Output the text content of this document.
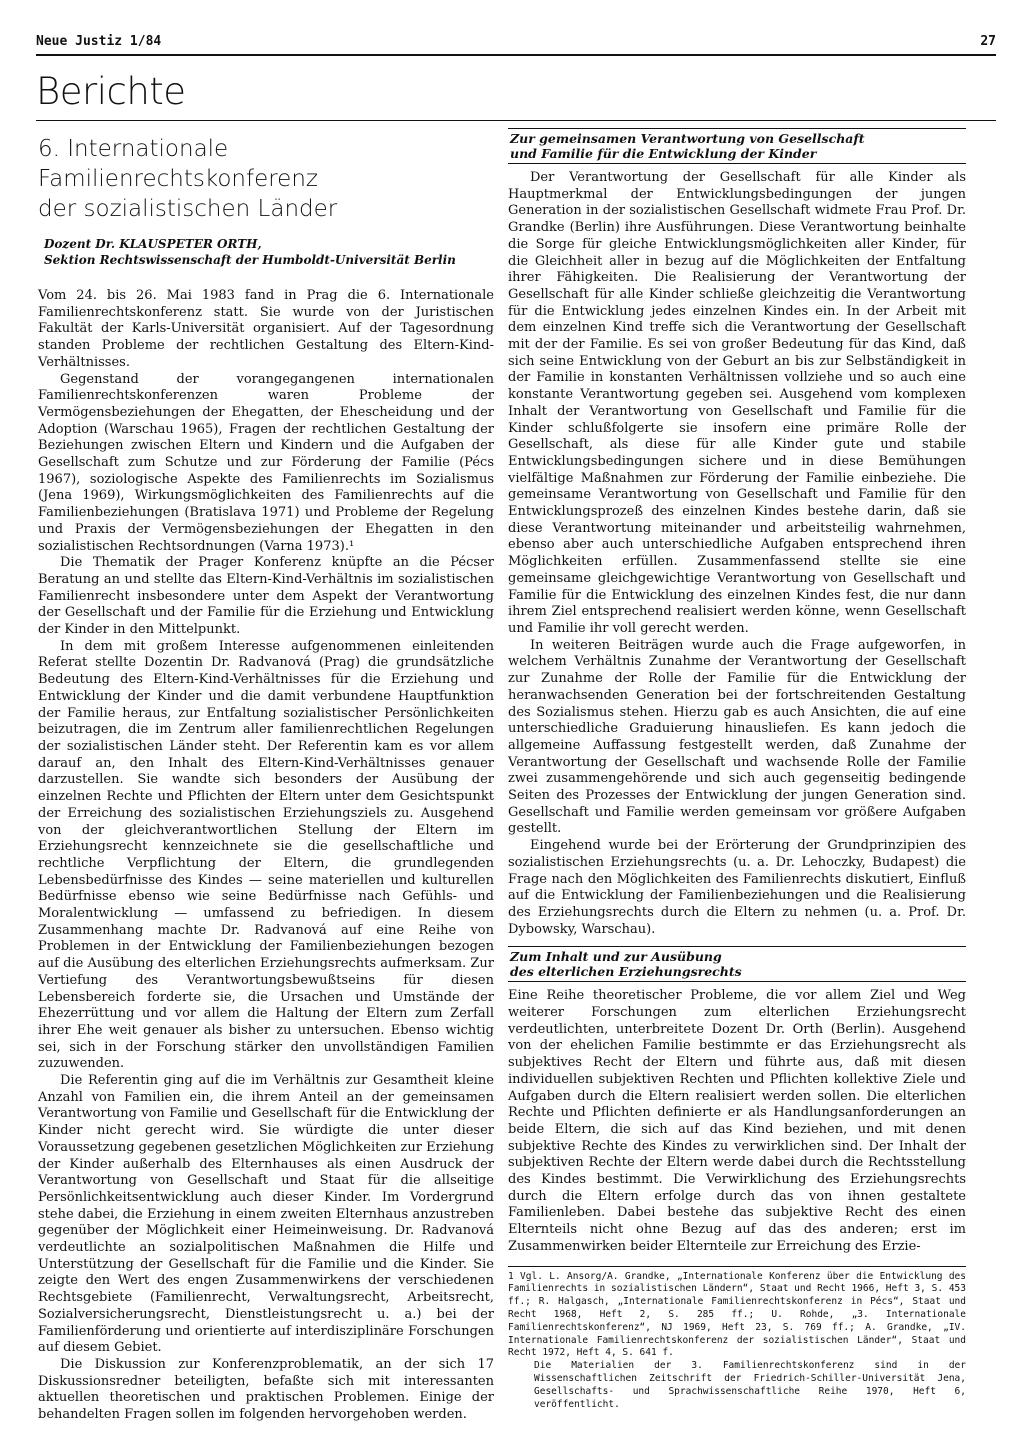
Neue Justiz 1/84	27
Berichte
6. Internationale Familienrechtskonferenz
der sozialistischen Länder
Dozent Dr. KLAUSPETER ORTH,
Sektion Rechtswissenschaft der Humboldt-Universität Berlin

Vom 24. bis 26. Mai 1983 fand in Prag die 6. Internationale Familienrechtskonferenz statt. Sie wurde von der Juristischen Fakultät der Karls-Universität organisiert. Auf der Tagesordnung standen Probleme der rechtlichen Gestaltung des Eltern-Kind-Verhältnisses.

Gegenstand der vorangegangenen internationalen Familienrechtskonferenzen waren Probleme der Vermögensbeziehungen der Ehegatten, der Ehescheidung und der Adoption (Warschau 1965), Fragen der rechtlichen Gestaltung der Beziehungen zwischen Eltern und Kindern und die Aufgaben der Gesellschaft zum Schutze und zur Förderung der Familie (Pécs 1967), soziologische Aspekte des Familienrechts im Sozialismus (Jena 1969), Wirkungsmöglichkeiten des Familienrechts auf die Familienbeziehungen (Bratislava 1971) und Probleme der Regelung und Praxis der Vermögensbeziehungen der Ehegatten in den sozialistischen Rechtsordnungen (Varna 1973).¹

Die Thematik der Prager Konferenz knüpfte an die Pécser Beratung an und stellte das Eltern-Kind-Verhältnis im sozialistischen Familienrecht insbesondere unter dem Aspekt der Verantwortung der Gesellschaft und der Familie für die Erziehung und Entwicklung der Kinder in den Mittelpunkt.

In dem mit großem Interesse aufgenommenen einleitenden Referat stellte Dozentin Dr. Radvanová (Prag) die grundsätzliche Bedeutung des Eltern-Kind-Verhältnisses für die Erziehung und Entwicklung der Kinder und die damit verbundene Hauptfunktion der Familie heraus, zur Entfaltung sozialistischer Persönlichkeiten beizutragen, die im Zentrum aller familienrechtlichen Regelungen der sozialistischen Länder steht. Der Referentin kam es vor allem darauf an, den Inhalt des Eltern-Kind-Verhältnisses genauer darzustellen. Sie wandte sich besonders der Ausübung der einzelnen Rechte und Pflichten der Eltern unter dem Gesichtspunkt der Erreichung des sozialistischen Erziehungsziels zu. Ausgehend von der gleichverantwortlichen Stellung der Eltern im Erziehungsrecht kennzeichnete sie die gesellschaftliche und rechtliche Verpflichtung der Eltern, die grundlegenden Lebensbedürfnisse des Kindes — seine materiellen und kulturellen Bedürfnisse ebenso wie seine Bedürfnisse nach Gefühls- und Moralentwicklung — umfassend zu befriedigen. In diesem Zusammenhang machte Dr. Radvanová auf eine Reihe von Problemen in der Entwicklung der Familienbeziehungen bezogen auf die Ausübung des elterlichen Erziehungsrechts aufmerksam. Zur Vertiefung des Verantwortungsbewußtseins für diesen Lebensbereich forderte sie, die Ursachen und Umstände der Ehezerrüttung und vor allem die Haltung der Eltern zum Zerfall ihrer Ehe weit genauer als bisher zu untersuchen. Ebenso wichtig sei, sich in der Forschung stärker den unvollständigen Familien zuzuwenden.

Die Referentin ging auf die im Verhältnis zur Gesamtheit kleine Anzahl von Familien ein, die ihrem Anteil an der gemeinsamen Verantwortung von Familie und Gesellschaft für die Entwicklung der Kinder nicht gerecht wird. Sie würdigte die unter dieser Voraussetzung gegebenen gesetzlichen Möglichkeiten zur Erziehung der Kinder außerhalb des Elternhauses als einen Ausdruck der Verantwortung von Gesellschaft und Staat für die allseitige Persönlichkeitsentwicklung auch dieser Kinder. Im Vordergrund stehe dabei, die Erziehung in einem zweiten Elternhaus anzustreben gegenüber der Möglichkeit einer Heimeinweisung. Dr. Radvanová verdeutlichte an sozialpolitischen Maßnahmen die Hilfe und Unterstützung der Gesellschaft für die Familie und die Kinder. Sie zeigte den Wert des engen Zusammenwirkens der verschiedenen Rechtsgebiete (Familienrecht, Verwaltungsrecht, Arbeitsrecht, Sozialversicherungsrecht, Dienstleistungsrecht u. a.) bei der Familienförderung und orientierte auf interdisziplinäre Forschungen auf diesem Gebiet.

Die Diskussion zur Konferenzproblematik, an der sich 17 Diskussionsredner beteiligten, befaßte sich mit interessanten aktuellen theoretischen und praktischen Problemen. Einige der behandelten Fragen sollen im folgenden hervorgehoben werden.

Zur gemeinsamen Verantwortung von Gesellschaft
und Familie für die Entwicklung der Kinder

Der Verantwortung der Gesellschaft für alle Kinder als Hauptmerkmal der Entwicklungsbedingungen der jungen Generation in der sozialistischen Gesellschaft widmete Frau Prof. Dr. Grandke (Berlin) ihre Ausführungen. Diese Verantwortung beinhalte die Sorge für gleiche Entwicklungsmöglichkeiten aller Kinder, für die Gleichheit aller in bezug auf die Möglichkeiten der Entfaltung ihrer Fähigkeiten. Die Realisierung der Verantwortung der Gesellschaft für alle Kinder schließe gleichzeitig die Verantwortung für die Entwicklung jedes einzelnen Kindes ein. In der Arbeit mit dem einzelnen Kind treffe sich die Verantwortung der Gesellschaft mit der der Familie. Es sei von großer Bedeutung für das Kind, daß sich seine Entwicklung von der Geburt an bis zur Selbständigkeit in der Familie in konstanten Verhältnissen vollziehe und so auch eine konstante Verantwortung gegeben sei. Ausgehend vom komplexen Inhalt der Verantwortung von Gesellschaft und Familie für die Kinder schlußfolgerte sie insofern eine primäre Rolle der Gesellschaft, als diese für alle Kinder gute und stabile Entwicklungsbedingungen sichere und in diese Bemühungen vielfältige Maßnahmen zur Förderung der Familie einbeziehe. Die gemeinsame Verantwortung von Gesellschaft und Familie für den Entwicklungsprozeß des einzelnen Kindes bestehe darin, daß sie diese Verantwortung miteinander und arbeitsteilig wahrnehmen, ebenso aber auch unterschiedliche Aufgaben entsprechend ihren Möglichkeiten erfüllen. Zusammenfassend stellte sie eine gemeinsame gleichgewichtige Verantwortung von Gesellschaft und Familie für die Entwicklung des einzelnen Kindes fest, die nur dann ihrem Ziel entsprechend realisiert werden könne, wenn Gesellschaft und Familie ihr voll gerecht werden.

In weiteren Beiträgen wurde auch die Frage aufgeworfen, in welchem Verhältnis Zunahme der Verantwortung der Gesellschaft zur Zunahme der Rolle der Familie für die Entwicklung der heranwachsenden Generation bei der fortschreitenden Gestaltung des Sozialismus stehen. Hierzu gab es auch Ansichten, die auf eine unterschiedliche Graduierung hinausliefen. Es kann jedoch die allgemeine Auffassung festgestellt werden, daß Zunahme der Verantwortung der Gesellschaft und wachsende Rolle der Familie zwei zusammengehörende und sich auch gegenseitig bedingende Seiten des Prozesses der Entwicklung der jungen Generation sind. Gesellschaft und Familie werden gemeinsam vor größere Aufgaben gestellt.

Eingehend wurde bei der Erörterung der Grundprinzipien des sozialistischen Erziehungsrechts (u. a. Dr. Lehoczky, Budapest) die Frage nach den Möglichkeiten des Familienrechts diskutiert, Einfluß auf die Entwicklung der Familienbeziehungen und die Realisierung des Erziehungsrechts durch die Eltern zu nehmen (u. a. Prof. Dr. Dybowsky, Warschau).

Zum Inhalt und zur Ausübung
des elterlichen Erziehungsrechts

Eine Reihe theoretischer Probleme, die vor allem Ziel und Weg weiterer Forschungen zum elterlichen Erziehungsrecht verdeutlichten, unterbreitete Dozent Dr. Orth (Berlin). Ausgehend von der ehelichen Familie bestimmte er das Erziehungsrecht als subjektives Recht der Eltern und führte aus, daß mit diesen individuellen subjektiven Rechten und Pflichten kollektive Ziele und Aufgaben durch die Eltern realisiert werden sollen. Die elterlichen Rechte und Pflichten definierte er als Handlungsanforderungen an beide Eltern, die sich auf das Kind beziehen, und mit denen subjektive Rechte des Kindes zu verwirklichen sind. Der Inhalt der subjektiven Rechte der Eltern werde dabei durch die Rechtsstellung des Kindes bestimmt. Die Verwirklichung des Erziehungsrechts durch die Eltern erfolge durch das von ihnen gestaltete Familienleben. Dabei bestehe das subjektive Recht des einen Elternteils nicht ohne Bezug auf das des anderen; erst im Zusammenwirken beider Elternteile zur Erreichung des Erzie-

1 Vgl. L. Ansorg/A. Grandke, „Internationale Konferenz über die Entwicklung des Familienrechts in sozialistischen Ländern“, Staat und Recht 1966, Heft 3, S. 453 ff.; R. Halgasch, „Internationale Familienrechtskonferenz in Pécs“, Staat und Recht 1968, Heft 2, S. 285 ff.; U. Rohde, „3. Internationale Familienrechtskonferenz“, NJ 1969, Heft 23, S. 769 ff.; A. Grandke, „IV. Internationale Familienrechtskonferenz der sozialistischen Länder“, Staat und Recht 1972, Heft 4, S. 641 f.

Die Materialien der 3. Familienrechtskonferenz sind in der Wissenschaftlichen Zeitschrift der Friedrich-Schiller-Universität Jena, Gesellschafts- und Sprachwissenschaftliche Reihe 1970, Heft 6, veröffentlicht.
